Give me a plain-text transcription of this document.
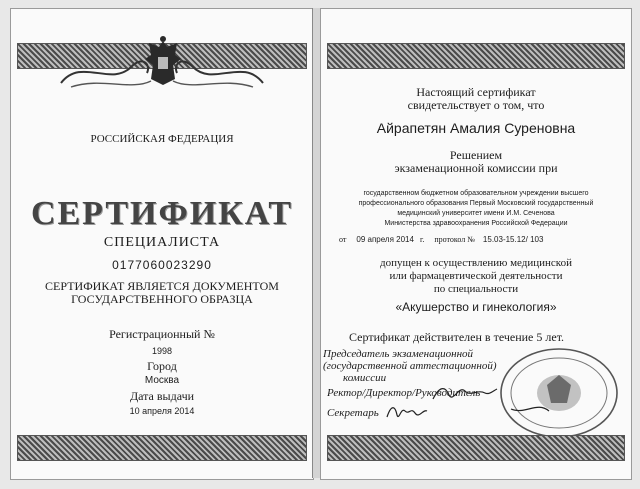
РОССИЙСКАЯ ФЕДЕРАЦИЯ
СЕРТИФИКАТ
СПЕЦИАЛИСТА
0177060023290
СЕРТИФИКАТ ЯВЛЯЕТСЯ ДОКУМЕНТОМ
ГОСУДАРСТВЕННОГО ОБРАЗЦА
Регистрационный №
1998
Город
Москва
Дата выдачи
10 апреля 2014
Настоящий сертификат
свидетельствует о том, что
Айрапетян Амалия Суреновна
Решением
экзаменационной комиссии при
государственном бюджетном образовательном учреждении высшего
профессионального образования Первый Московский государственный
медицинский университет имени И.М. Сеченова
Министерства здравоохранения Российской Федерации
от 09 апреля 2014 г. протокол № 15.03-15.12/ 103
допущен к осуществлению медицинской
или фармацевтической деятельности
по специальности
«Акушерство и гинекология»
Сертификат действителен в течение 5 лет.
Председатель экзаменационной
(государственной аттестационной)
комиссии
Ректор/Директор/Руководитель
Секретарь
